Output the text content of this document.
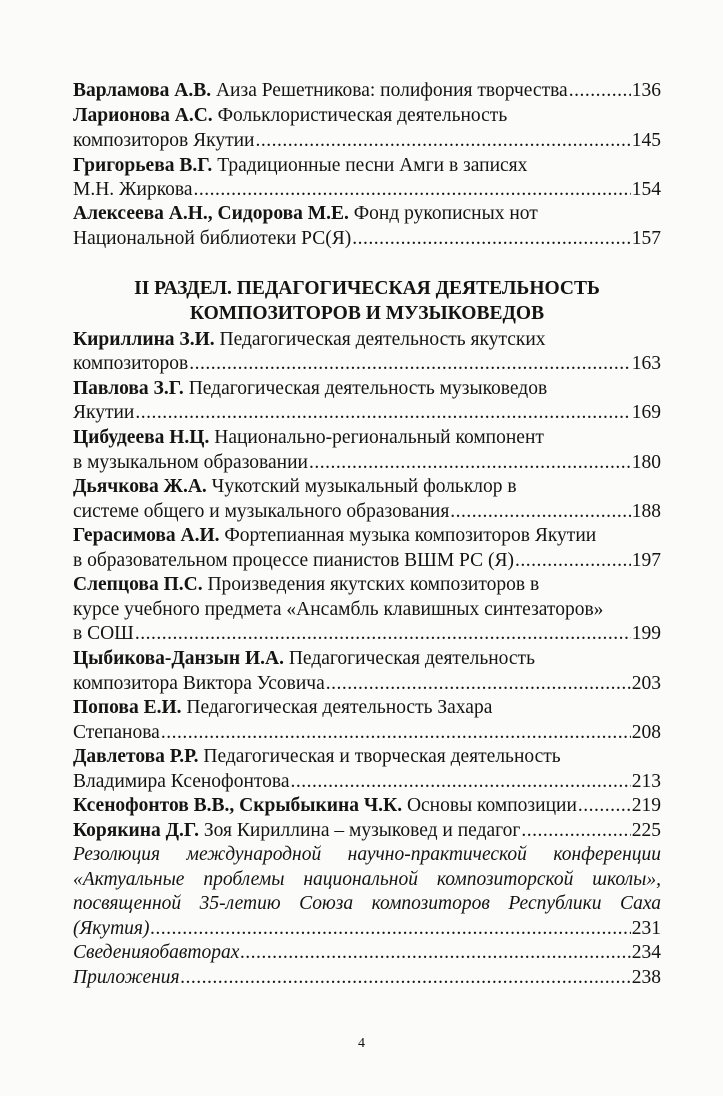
Варламова А.В. Аиза Решетникова: полифония творчества .....	136
Ларионова А.С. Фольклористическая деятельность
композиторов Якутии .....	145
Григорьева В.Г. Традиционные песни Амги в записях
М.Н. Жиркова .....	154
Алексеева А.Н., Сидорова М.Е. Фонд рукописных нот
Национальной библиотеки РС(Я) .....	157
II РАЗДЕЛ. ПЕДАГОГИЧЕСКАЯ ДЕЯТЕЛЬНОСТЬ
КОМПОЗИТОРОВ И МУЗЫКОВЕДОВ
Кириллина З.И. Педагогическая деятельность якутских
композиторов .....	163
Павлова З.Г. Педагогическая деятельность музыковедов
Якутии .....	169
Цибудеева Н.Ц. Национально-региональный компонент
в музыкальном образовании .....	180
Дьячкова Ж.А. Чукотский музыкальный фольклор в
системе общего и музыкального образования .....	188
Герасимова А.И. Фортепианная музыка композиторов Якутии
в образовательном процессе пианистов ВШМ РС (Я) .....	197
Слепцова П.С. Произведения якутских композиторов в
курсе учебного предмета «Ансамбль клавишных синтезаторов»
в СОШ .....	199
Цыбикова-Данзын И.А. Педагогическая деятельность
композитора Виктора Усовича .....	203
Попова Е.И. Педагогическая деятельность Захара
Степанова .....	208
Давлетова Р.Р. Педагогическая и творческая деятельность
Владимира Ксенофонтова .....	213
Ксенофонтов В.В., Скрыбыкина Ч.К. Основы композиции .....	219
Корякина Д.Г. Зоя Кириллина – музыковед и педагог .....	225
Резолюция международной научно-практической конференции
«Актуальные проблемы национальной композиторской школы»,
посвященной 35-летию Союза композиторов Республики Саха
(Якутия) .....	231
Сведенияобавторах .....	234
Приложения .....	238
4
